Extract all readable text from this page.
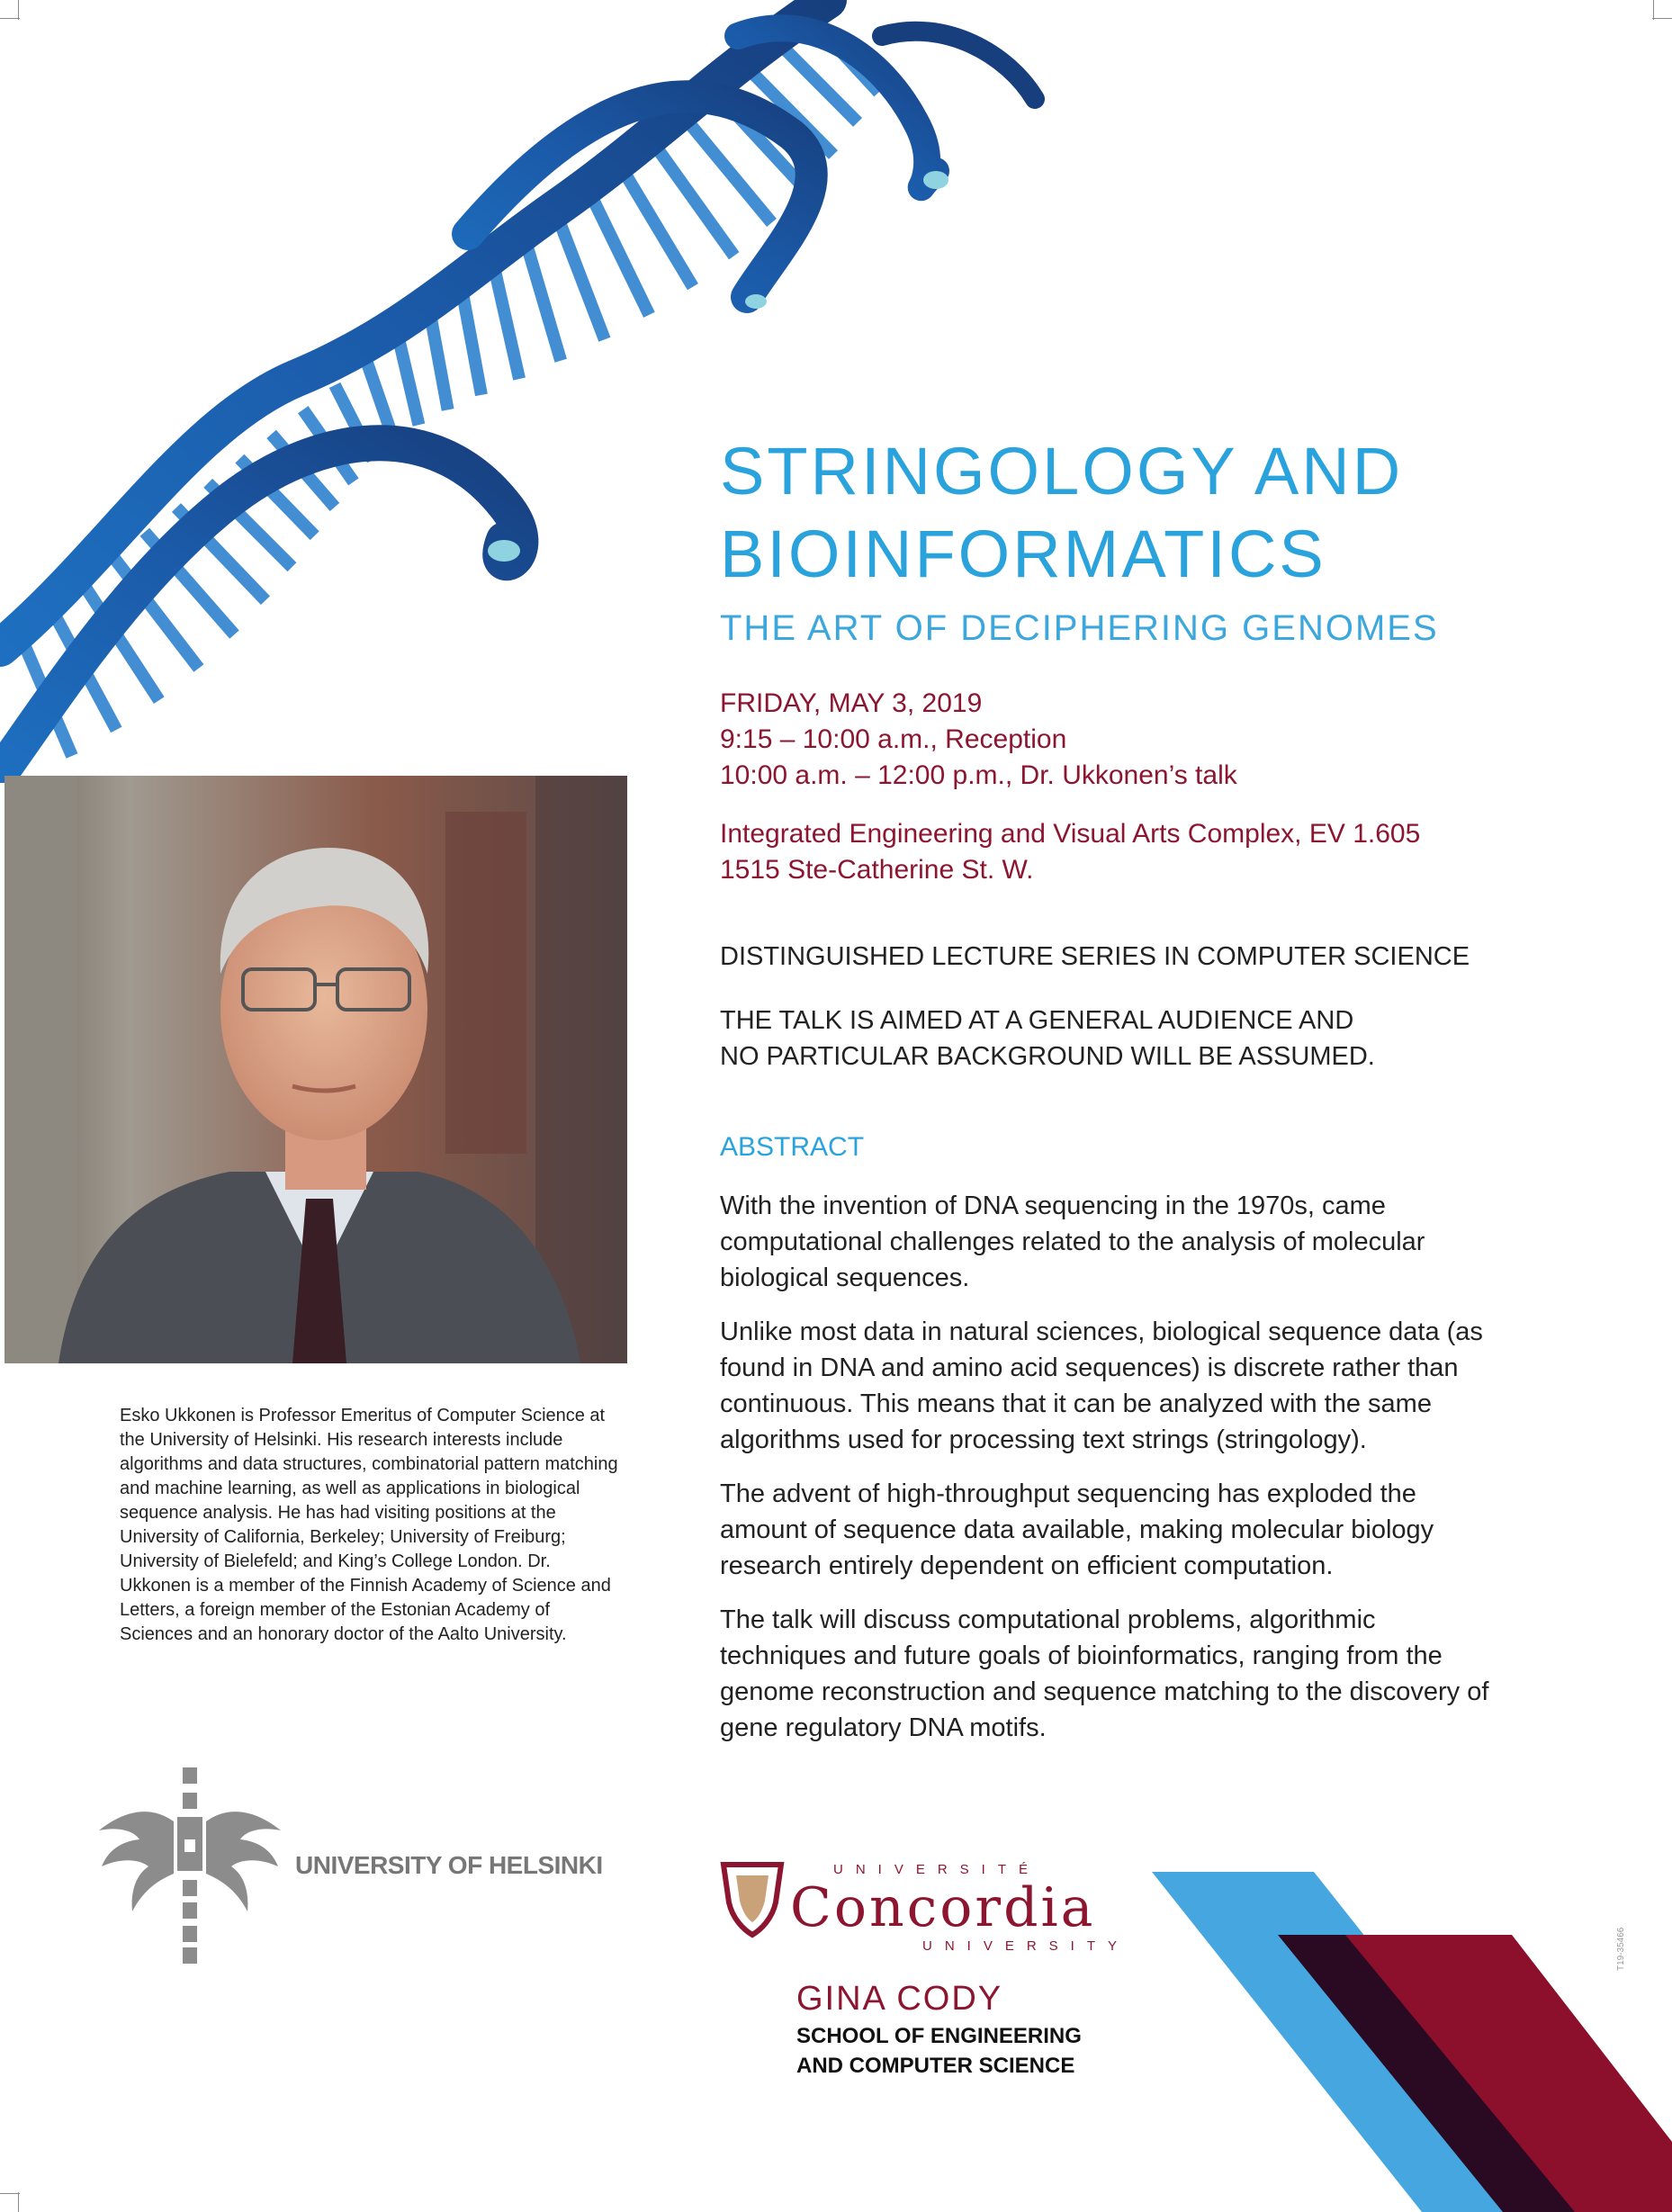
STRINGOLOGY AND
BIOINFORMATICS
THE ART OF DECIPHERING GENOMES
FRIDAY, MAY 3, 2019
9:15 – 10:00 a.m., Reception
10:00 a.m. – 12:00 p.m., Dr. Ukkonen’s talk
Integrated Engineering and Visual Arts Complex, EV 1.605
1515 Ste-Catherine St. W.
DISTINGUISHED LECTURE SERIES IN COMPUTER SCIENCE
THE TALK IS AIMED AT A GENERAL AUDIENCE AND
NO PARTICULAR BACKGROUND WILL BE ASSUMED.
ABSTRACT

With the invention of DNA sequencing in the 1970s, came computational challenges related to the analysis of molecular biological sequences.

Unlike most data in natural sciences, biological sequence data (as found in DNA and amino acid sequences) is discrete rather than continuous. This means that it can be analyzed with the same algorithms used for processing text strings (stringology).

The advent of high-throughput sequencing has exploded the amount of sequence data available, making molecular biology research entirely dependent on efficient computation.

The talk will discuss computational problems, algorithmic techniques and future goals of bioinformatics, ranging from the genome reconstruction and sequence matching to the discovery of gene regulatory DNA motifs.

Esko Ukkonen is Professor Emeritus of Computer Science at the University of Helsinki. His research interests include algorithms and data structures, combinatorial pattern matching and machine learning, as well as applications in biological sequence analysis. He has had visiting positions at the University of California, Berkeley; University of Freiburg; University of Bielefeld; and King’s College London. Dr. Ukkonen is a member of the Finnish Academy of Science and Letters, a foreign member of the Estonian Academy of Sciences and an honorary doctor of the Aalto University.
UNIVERSITY OF HELSINKI	UNIVERSITÉ
Concordia
UNIVERSITY
GINA CODY
SCHOOL OF ENGINEERING
AND COMPUTER SCIENCE
T19-35466
